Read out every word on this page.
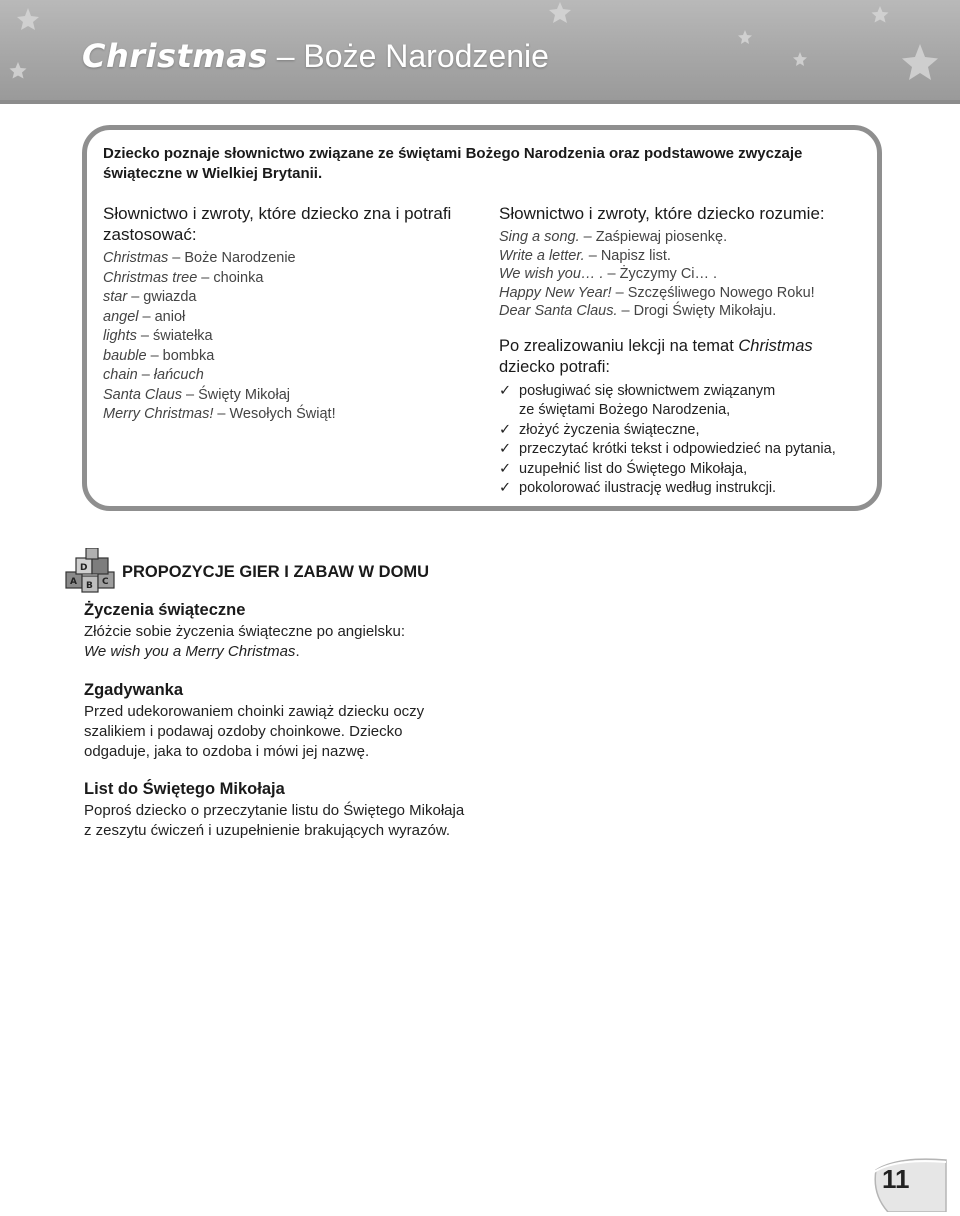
Christmas – Boże Narodzenie

Dziecko poznaje słownictwo związane ze świętami Bożego Narodzenia oraz podstawowe zwyczaje świąteczne w Wielkiej Brytanii.

Słownictwo i zwroty, które dziecko zna i potrafi zastosować:
Christmas – Boże Narodzenie
Christmas tree – choinka
star – gwiazda
angel – anioł
lights – światełka
bauble – bombka
chain – łańcuch
Santa Claus – Święty Mikołaj
Merry Christmas! – Wesołych Świąt!
Słownictwo i zwroty, które dziecko rozumie:
Sing a song. – Zaśpiewaj piosenkę.
Write a letter. – Napisz list.
We wish you… . – Życzymy Ci… .
Happy New Year! – Szczęśliwego Nowego Roku!
Dear Santa Claus. – Drogi Święty Mikołaju.
Po zrealizowaniu lekcji na temat Christmas
dziecko potrafi:
✓ posługiwać się słownictwem związanym
ze świętami Bożego Narodzenia,
✓ złożyć życzenia świąteczne,
✓ przeczytać krótki tekst i odpowiedzieć na pytania,
✓ uzupełnić list do Świętego Mikołaja,
✓ pokolorować ilustrację według instrukcji.
A B C
D PROPOZYCJE GIER I ZABAW W DOMU
Życzenia świąteczne

Złóżcie sobie życzenia świąteczne po angielsku:
We wish you a Merry Christmas.

Zgadywanka

Przed udekorowaniem choinki zawiąż dziecku oczy
szalikiem i podawaj ozdoby choinkowe. Dziecko
odgaduje, jaka to ozdoba i mówi jej nazwę.

List do Świętego Mikołaja

Poproś dziecko o przeczytanie listu do Świętego Mikołaja
z zeszytu ćwiczeń i uzupełnienie brakujących wyrazów.

11
